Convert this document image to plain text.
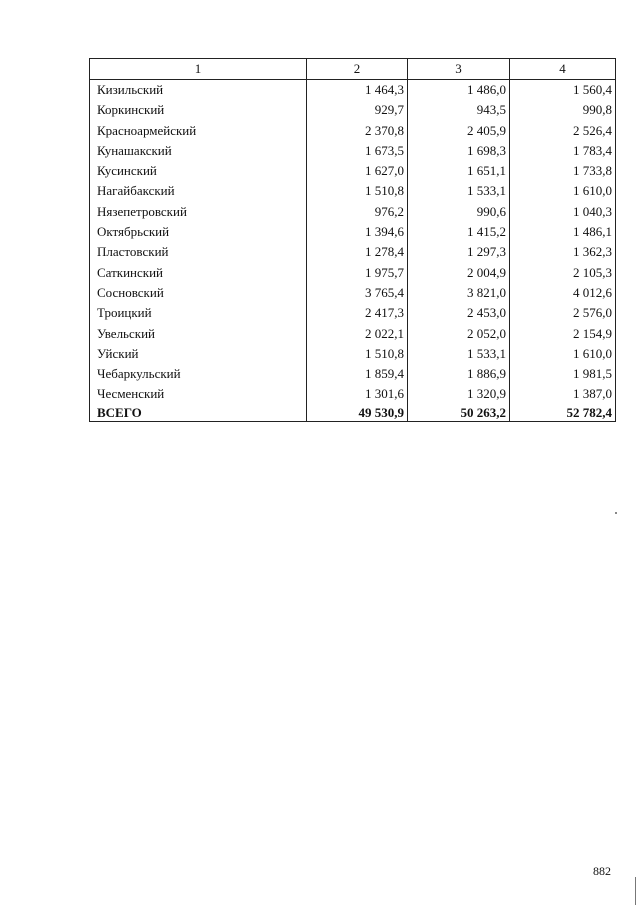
1	2	3	4
Кизильский	1 464,3	1 486,0	1 560,4
Коркинский	929,7	943,5	990,8
Красноармейский	2 370,8	2 405,9	2 526,4
Кунашакский	1 673,5	1 698,3	1 783,4
Кусинский	1 627,0	1 651,1	1 733,8
Нагайбакский	1 510,8	1 533,1	1 610,0
Нязепетровский	976,2	990,6	1 040,3
Октябрьский	1 394,6	1 415,2	1 486,1
Пластовский	1 278,4	1 297,3	1 362,3
Саткинский	1 975,7	2 004,9	2 105,3
Сосновский	3 765,4	3 821,0	4 012,6
Троицкий	2 417,3	2 453,0	2 576,0
Увельский	2 022,1	2 052,0	2 154,9
Уйский	1 510,8	1 533,1	1 610,0
Чебаркульский	1 859,4	1 886,9	1 981,5
Чесменский	1 301,6	1 320,9	1 387,0
ВСЕГО	49 530,9	50 263,2	52 782,4
882
